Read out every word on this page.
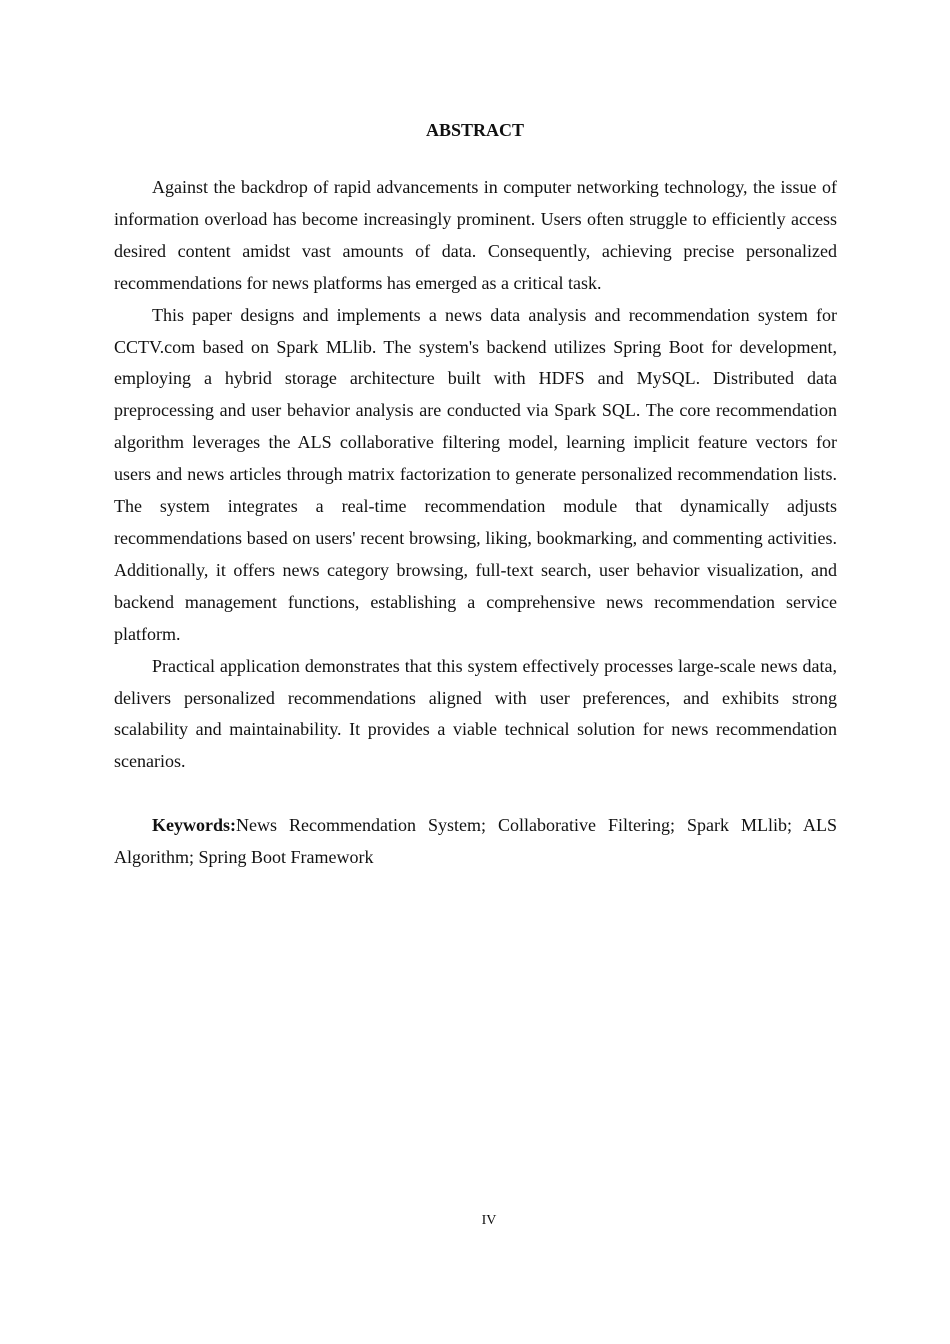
ABSTRACT

Against the backdrop of rapid advancements in computer networking technology, the issue of information overload has become increasingly prominent. Users often struggle to efficiently access desired content amidst vast amounts of data. Consequently, achieving precise personalized recommendations for news platforms has emerged as a critical task.

This paper designs and implements a news data analysis and recommendation system for CCTV.com based on Spark MLlib. The system's backend utilizes Spring Boot for development, employing a hybrid storage architecture built with HDFS and MySQL. Distributed data preprocessing and user behavior analysis are conducted via Spark SQL. The core recommendation algorithm leverages the ALS collaborative filtering model, learning implicit feature vectors for users and news articles through matrix factorization to generate personalized recommendation lists. The system integrates a real-time recommendation module that dynamically adjusts recommendations based on users' recent browsing, liking, bookmarking, and commenting activities. Additionally, it offers news category browsing, full-text search, user behavior visualization, and backend management functions, establishing a comprehensive news recommendation service platform.

Practical application demonstrates that this system effectively processes large-scale news data, delivers personalized recommendations aligned with user preferences, and exhibits strong scalability and maintainability. It provides a viable technical solution for news recommendation scenarios.

Keywords:News Recommendation System; Collaborative Filtering; Spark MLlib; ALS Algorithm; Spring Boot Framework

IV
